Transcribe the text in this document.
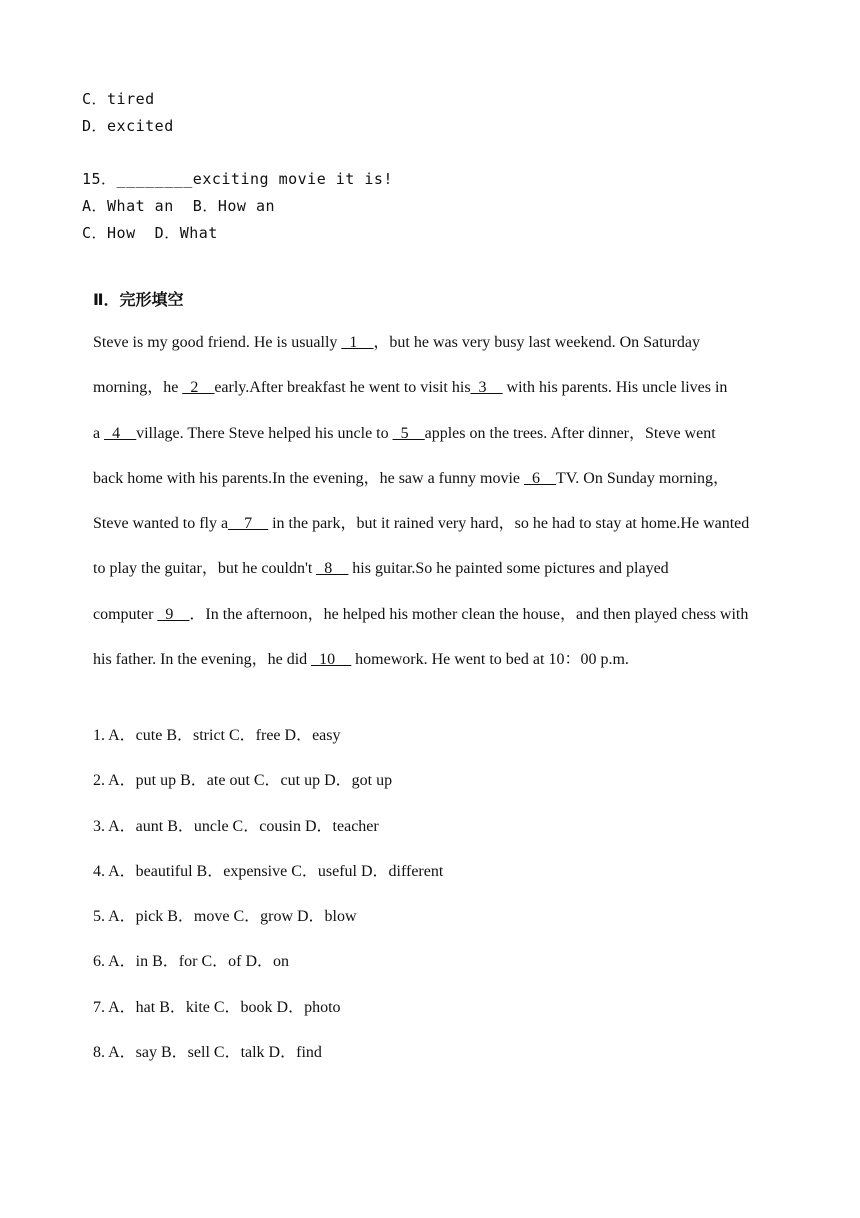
C．tired
D．excited
15．________exciting movie it is!
A．What an  B．How an
C．How  D．What
Ⅱ．完形填空

Steve is my good friend. He is usually _1__，but he was very busy last weekend. On Saturday

morning，he _2__early.After breakfast he went to visit his_3__ with his parents. His uncle lives in

a _4__village. There Steve helped his uncle to _5__apples on the trees. After dinner，Steve went

back home with his parents.In the evening，he saw a funny movie _6__TV. On Sunday morning，

Steve wanted to fly a__7__ in the park，but it rained very hard，so he had to stay at home.He wanted

to play the guitar，but he couldn't _8__ his guitar.So he painted some pictures and played

computer _9__．In the afternoon，he helped his mother clean the house，and then played chess with

his father. In the evening，he did _10__ homework. He went to bed at 10：00 p.m.

1. A．cute B．strict C．free D．easy
2. A．put up B．ate out C．cut up D．got up
3. A．aunt B．uncle C．cousin D．teacher
4. A．beautiful B．expensive C．useful D．different
5. A．pick B．move C．grow D．blow
6. A．in B．for C．of D．on
7. A．hat B．kite C．book D．photo
8. A．say B．sell C．talk D．find
